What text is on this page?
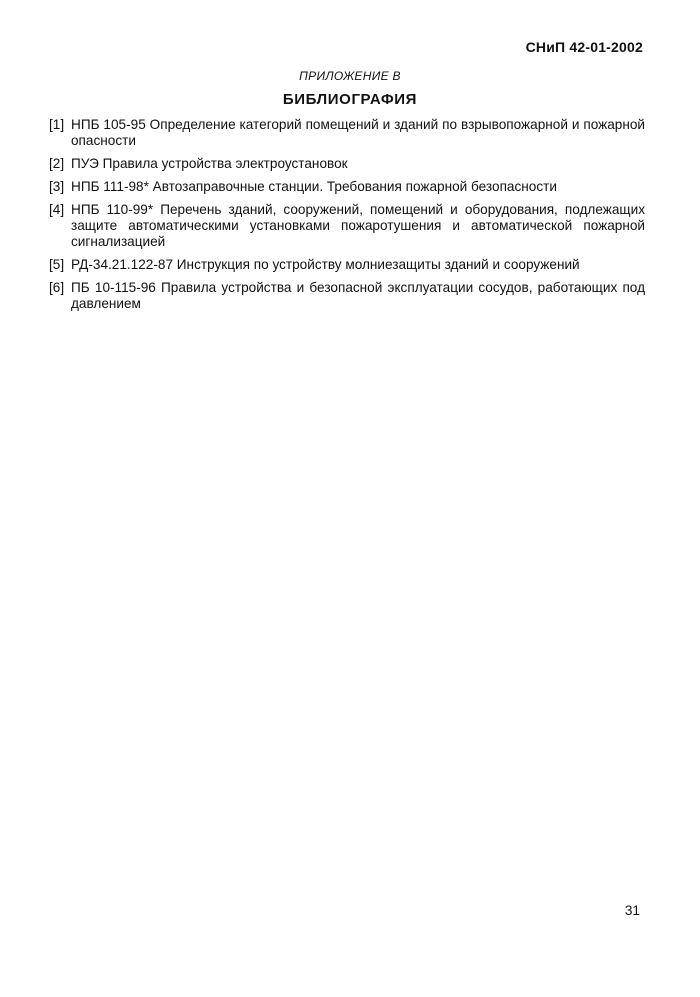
СНиП 42-01-2002
ПРИЛОЖЕНИЕ В
БИБЛИОГРАФИЯ
[1] НПБ 105-95 Определение категорий помещений и зданий по взрывопожарной и пожарной опасности
[2] ПУЭ Правила устройства электроустановок
[3] НПБ 111-98* Автозаправочные станции. Требования пожарной безопасности
[4] НПБ 110-99* Перечень зданий, сооружений, помещений и оборудования, подлежащих защите автоматическими установками пожаротушения и автоматической пожарной сигнализацией
[5] РД-34.21.122-87 Инструкция по устройству молниезащиты зданий и сооружений
[6] ПБ 10-115-96 Правила устройства и безопасной эксплуатации сосудов, работающих под давлением
31
